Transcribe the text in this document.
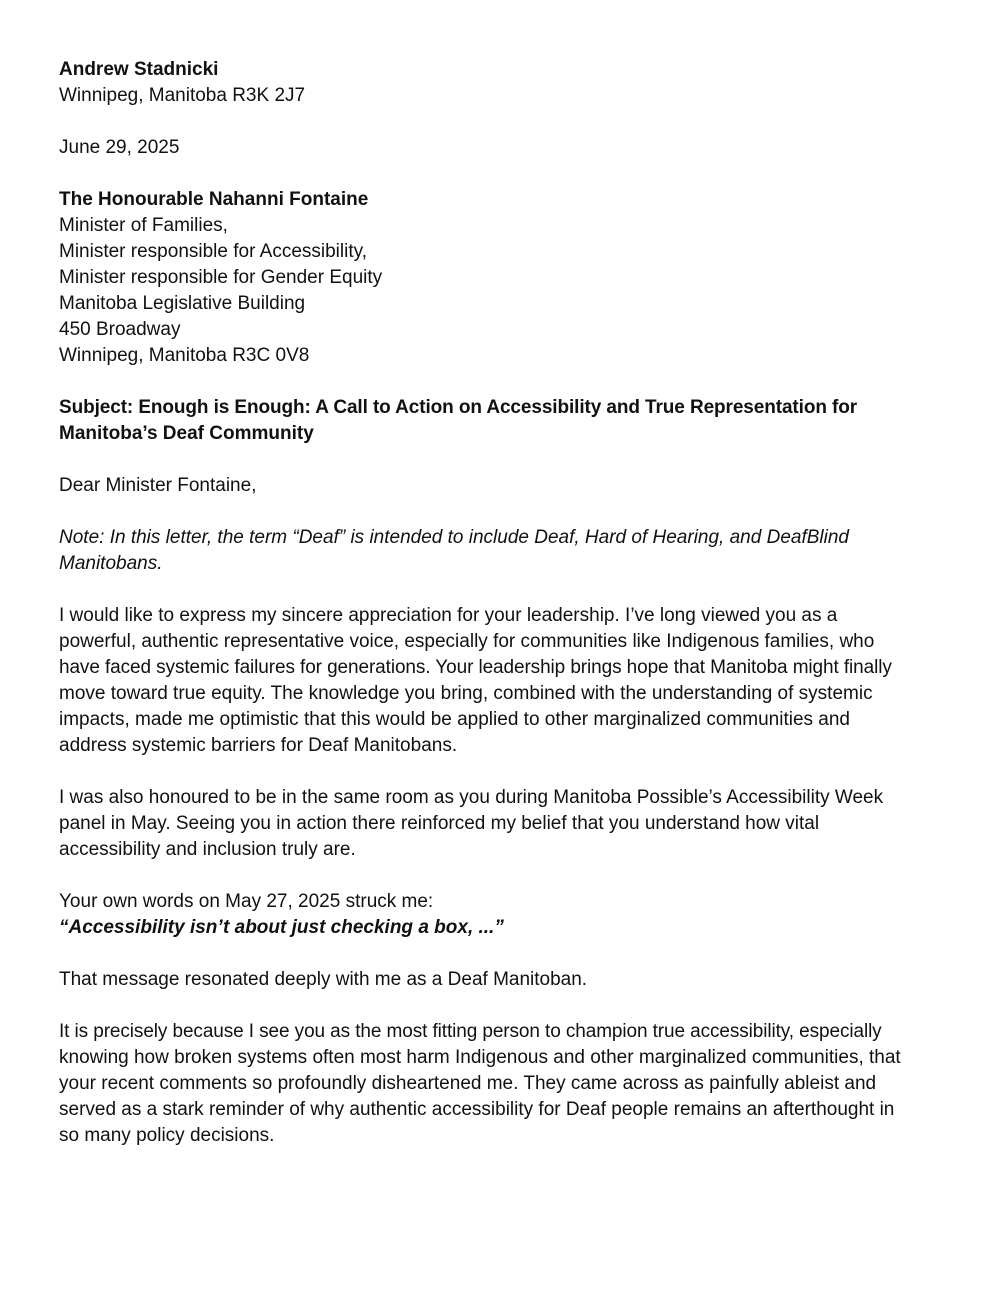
Andrew Stadnicki
Winnipeg, Manitoba R3K 2J7
June 29, 2025
The Honourable Nahanni Fontaine
Minister of Families,
Minister responsible for Accessibility,
Minister responsible for Gender Equity
Manitoba Legislative Building
450 Broadway
Winnipeg, Manitoba R3C 0V8
Subject: Enough is Enough: A Call to Action on Accessibility and True Representation for
Manitoba’s Deaf Community
Dear Minister Fontaine,
Note: In this letter, the term “Deaf” is intended to include Deaf, Hard of Hearing, and DeafBlind
Manitobans.
I would like to express my sincere appreciation for your leadership. I’ve long viewed you as a
powerful, authentic representative voice, especially for communities like Indigenous families, who
have faced systemic failures for generations. Your leadership brings hope that Manitoba might finally
move toward true equity. The knowledge you bring, combined with the understanding of systemic
impacts, made me optimistic that this would be applied to other marginalized communities and
address systemic barriers for Deaf Manitobans.
I was also honoured to be in the same room as you during Manitoba Possible’s Accessibility Week
panel in May. Seeing you in action there reinforced my belief that you understand how vital
accessibility and inclusion truly are.
Your own words on May 27, 2025 struck me:
“Accessibility isn’t about just checking a box, ...”
That message resonated deeply with me as a Deaf Manitoban.
It is precisely because I see you as the most fitting person to champion true accessibility, especially
knowing how broken systems often most harm Indigenous and other marginalized communities, that
your recent comments so profoundly disheartened me. They came across as painfully ableist and
served as a stark reminder of why authentic accessibility for Deaf people remains an afterthought in
so many policy decisions.
